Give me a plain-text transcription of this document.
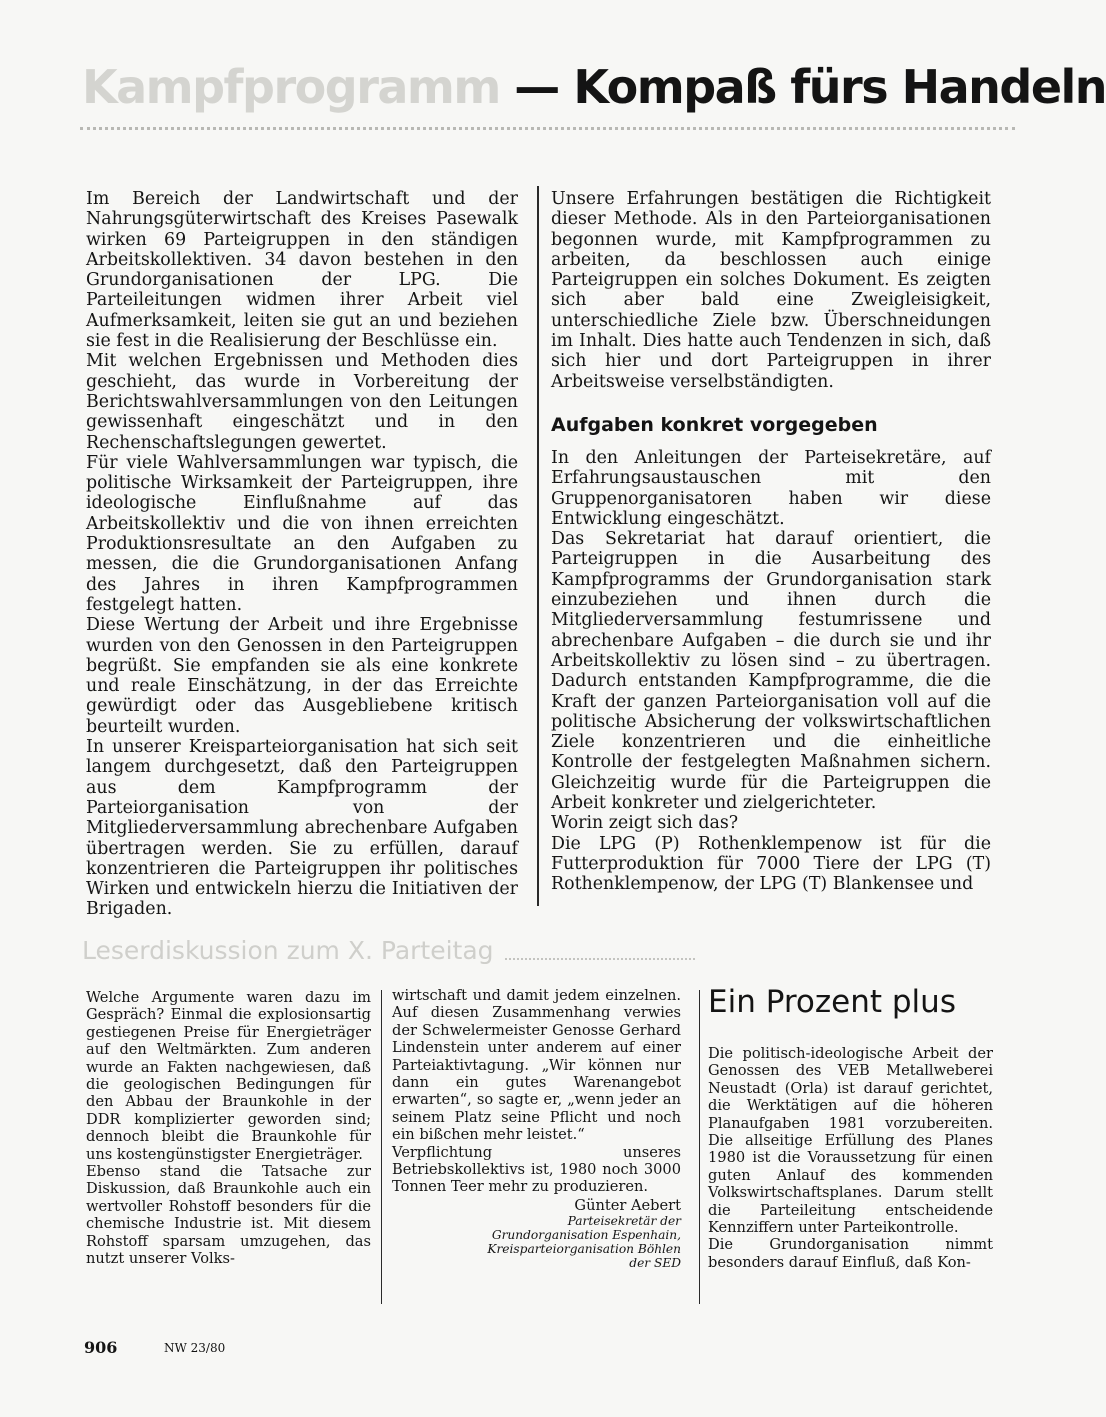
Kampfprogramm — Kompaß fürs Handeln

Im Bereich der Landwirtschaft und der Nahrungsgüterwirtschaft des Kreises Pasewalk wirken 69 Parteigruppen in den ständigen Arbeitskollektiven. 34 davon bestehen in den Grundorganisationen der LPG. Die Parteileitungen widmen ihrer Arbeit viel Aufmerksamkeit, leiten sie gut an und beziehen sie fest in die Realisierung der Beschlüsse ein.

Mit welchen Ergebnissen und Methoden dies geschieht, das wurde in Vorbereitung der Berichtswahlversammlungen von den Leitungen gewissenhaft eingeschätzt und in den Rechenschaftslegungen gewertet.

Für viele Wahlversammlungen war typisch, die politische Wirksamkeit der Parteigruppen, ihre ideologische Einflußnahme auf das Arbeitskollektiv und die von ihnen erreichten Produktionsresultate an den Aufgaben zu messen, die die Grundorganisationen Anfang des Jahres in ihren Kampfprogrammen festgelegt hatten.

Diese Wertung der Arbeit und ihre Ergebnisse wurden von den Genossen in den Parteigruppen begrüßt. Sie empfanden sie als eine konkrete und reale Einschätzung, in der das Erreichte gewürdigt oder das Ausgebliebene kritisch beurteilt wurden.

In unserer Kreisparteiorganisation hat sich seit langem durchgesetzt, daß den Parteigruppen aus dem Kampfprogramm der Parteiorganisation von der Mitgliederversammlung abrechenbare Aufgaben übertragen werden. Sie zu erfüllen, darauf konzentrieren die Parteigruppen ihr politisches Wirken und entwickeln hierzu die Initiativen der Brigaden.

Unsere Erfahrungen bestätigen die Richtigkeit dieser Methode. Als in den Parteiorganisationen begonnen wurde, mit Kampfprogrammen zu arbeiten, da beschlossen auch einige Parteigruppen ein solches Dokument. Es zeigten sich aber bald eine Zweigleisigkeit, unterschiedliche Ziele bzw. Überschneidungen im Inhalt. Dies hatte auch Tendenzen in sich, daß sich hier und dort Parteigruppen in ihrer Arbeitsweise verselbständigten.

Aufgaben konkret vorgegeben

In den Anleitungen der Parteisekretäre, auf Erfahrungsaustauschen mit den Gruppenorganisatoren haben wir diese Entwicklung eingeschätzt.

Das Sekretariat hat darauf orientiert, die Parteigruppen in die Ausarbeitung des Kampfprogramms der Grundorganisation stark einzubeziehen und ihnen durch die Mitgliederversammlung festumrissene und abrechenbare Aufgaben – die durch sie und ihr Arbeitskollektiv zu lösen sind – zu übertragen. Dadurch entstanden Kampfprogramme, die die Kraft der ganzen Parteiorganisation voll auf die politische Absicherung der volkswirtschaftlichen Ziele konzentrieren und die einheitliche Kontrolle der festgelegten Maßnahmen sichern. Gleichzeitig wurde für die Parteigruppen die Arbeit konkreter und zielgerichteter.

Worin zeigt sich das?

Die LPG (P) Rothenklempenow ist für die Futterproduktion für 7000 Tiere der LPG (T) Rothenklempenow, der LPG (T) Blankensee und

Leserdiskussion zum X. Parteitag

Welche Argumente waren dazu im Gespräch? Einmal die explosionsartig gestiegenen Preise für Energieträger auf den Weltmärkten. Zum anderen wurde an Fakten nachgewiesen, daß die geologischen Bedingungen für den Abbau der Braunkohle in der DDR komplizierter geworden sind; dennoch bleibt die Braunkohle für uns kostengünstigster Energieträger.

Ebenso stand die Tatsache zur Diskussion, daß Braunkohle auch ein wertvoller Rohstoff besonders für die chemische Industrie ist. Mit diesem Rohstoff sparsam umzugehen, das nutzt unserer Volks-

wirtschaft und damit jedem einzelnen. Auf diesen Zusammenhang verwies der Schwelermeister Genosse Gerhard Lindenstein unter anderem auf einer Parteiaktivtagung. „Wir können nur dann ein gutes Warenangebot erwarten“, so sagte er, „wenn jeder an seinem Platz seine Pflicht und noch ein bißchen mehr leistet.“

Verpflichtung unseres Betriebskollektivs ist, 1980 noch 3000 Tonnen Teer mehr zu produzieren.

Günter Aebert

Parteisekretär der
Grundorganisation Espenhain,
Kreisparteiorganisation Böhlen
der SED
Ein Prozent plus

Die politisch-ideologische Arbeit der Genossen des VEB Metallweberei Neustadt (Orla) ist darauf gerichtet, die Werktätigen auf die höheren Planaufgaben 1981 vorzubereiten. Die allseitige Erfüllung des Planes 1980 ist die Voraussetzung für einen guten Anlauf des kommenden Volkswirtschaftsplanes. Darum stellt die Parteileitung entscheidende Kennziffern unter Parteikontrolle.

Die Grundorganisation nimmt besonders darauf Einfluß, daß Kon-

906	NW 23/80
